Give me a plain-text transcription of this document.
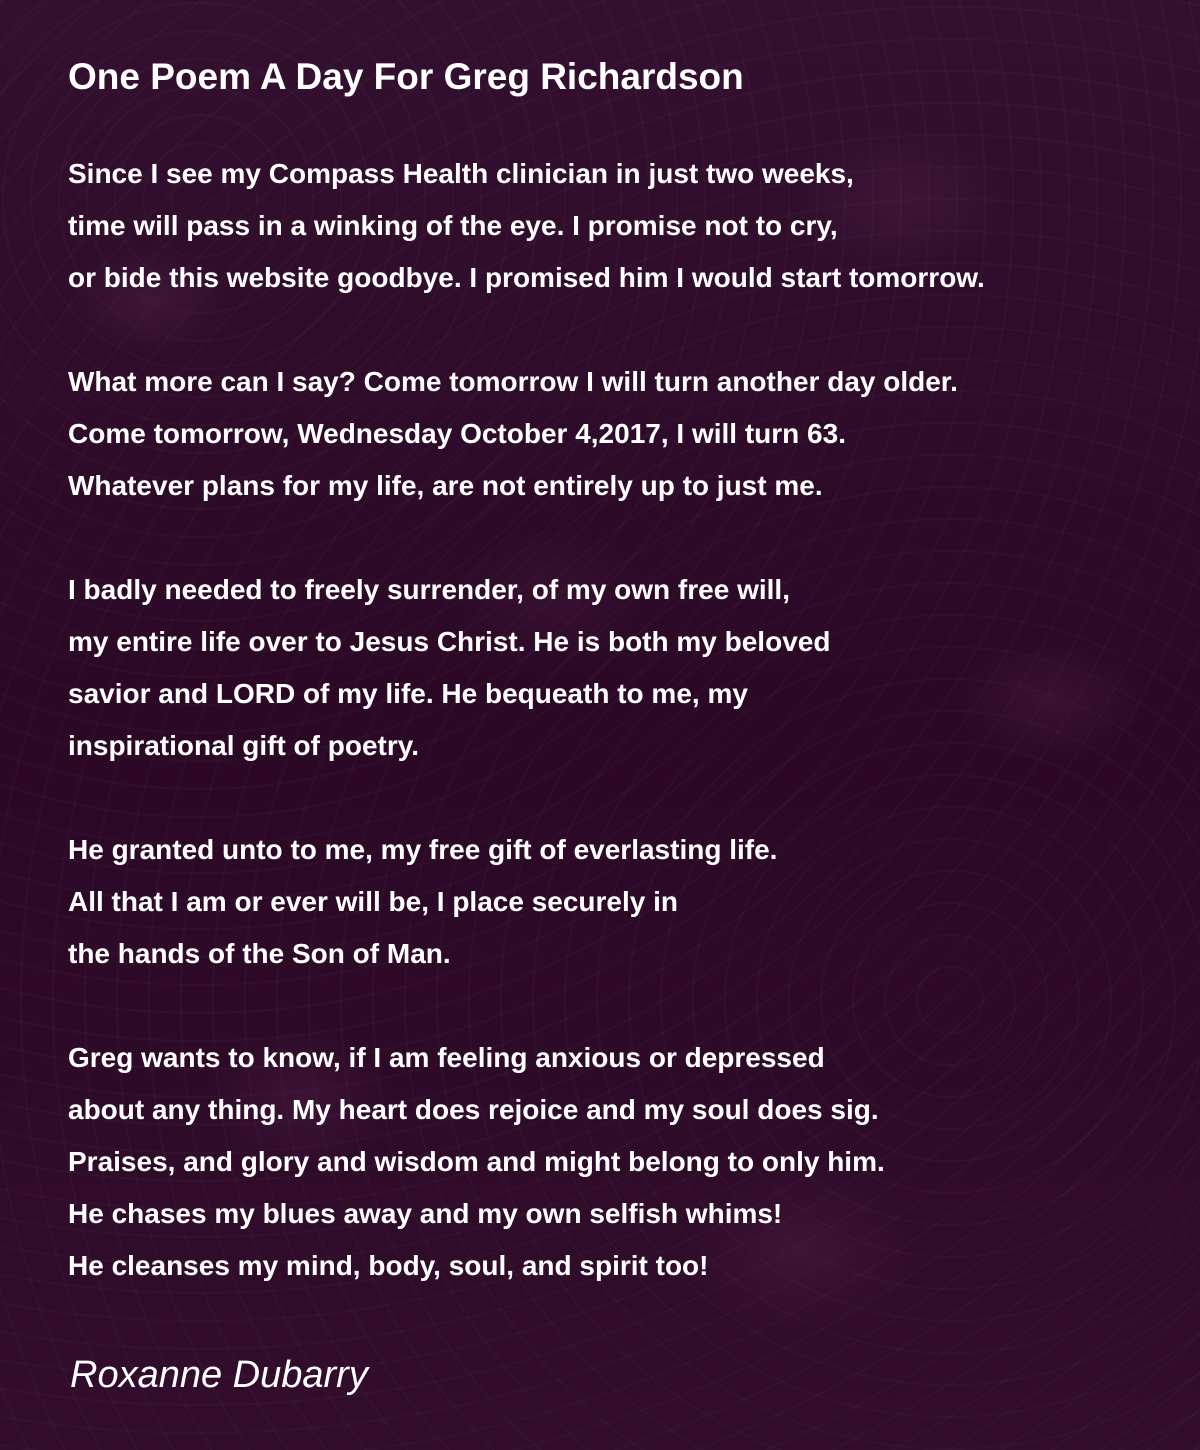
One Poem A Day For Greg Richardson

Since I see my Compass Health clinician in just two weeks,
time will pass in a winking of the eye. I promise not to cry,
or bide this website goodbye. I promised him I would start tomorrow.

What more can I say? Come tomorrow I will turn another day older.
Come tomorrow, Wednesday October 4,2017, I will turn 63.
Whatever plans for my life, are not entirely up to just me.

I badly needed to freely surrender, of my own free will,
my entire life over to Jesus Christ. He is both my beloved
savior and LORD of my life. He bequeath to me, my
inspirational gift of poetry.

He granted unto to me, my free gift of everlasting life.
All that I am or ever will be, I place securely in
the hands of the Son of Man.

Greg wants to know, if I am feeling anxious or depressed
about any thing. My heart does rejoice and my soul does sig.
Praises, and glory and wisdom and might belong to only him.
He chases my blues away and my own selfish whims!
He cleanses my mind, body, soul, and spirit too!

Roxanne Dubarry
